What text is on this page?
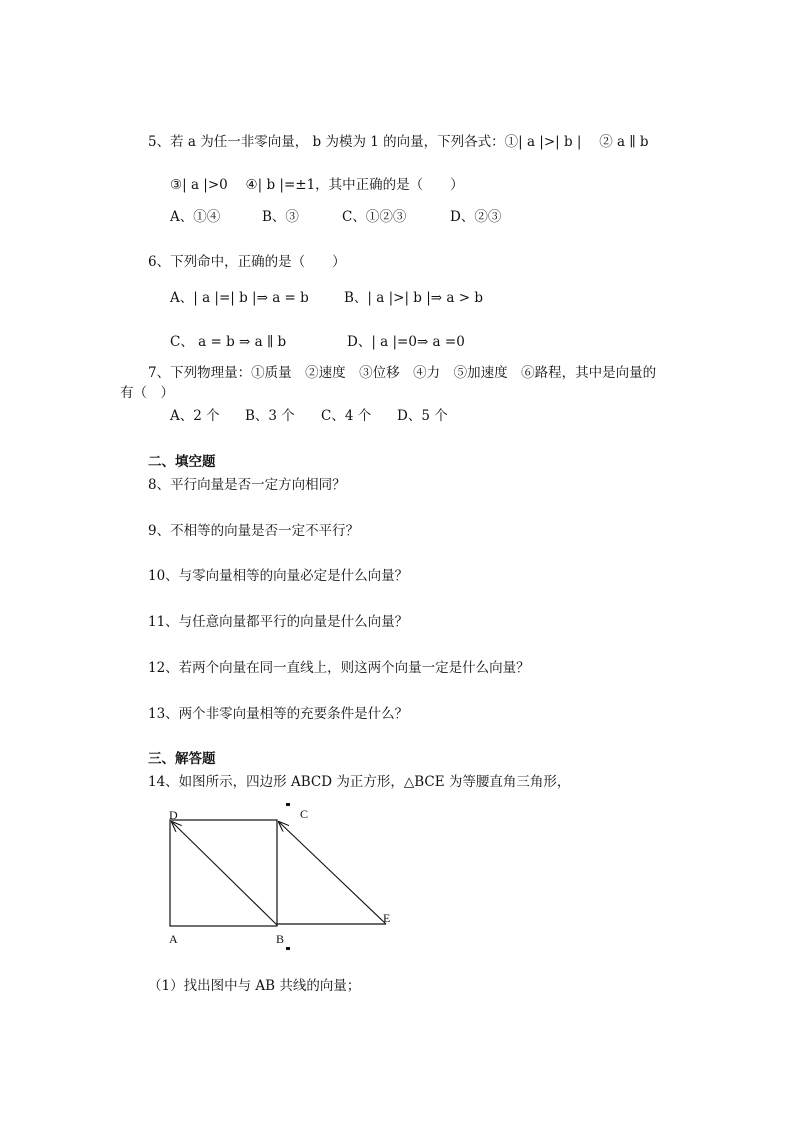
5、若 a 为任一非零向量， b 为模为 1 的向量，下列各式：①| a |>| b |　 ② a ∥ b
③| a |>0　 ④| b |=±1，其中正确的是（　　）
A、①④	B、③	C、①②③	D、②③
6、下列命中，正确的是（　　）
A、| a |=| b |⇒ a = b	B、| a |>| b |⇒ a > b
C、 a = b ⇒ a ∥ b	D、| a |=0⇒ a =0
7、下列物理量：①质量　②速度　③位移　④力　⑤加速度　⑥路程，其中是向量的
有（　）
A、2 个 B、3 个 C、4 个 D、5 个
二、填空题
8、平行向量是否一定方向相同？
9、不相等的向量是否一定不平行？
10、与零向量相等的向量必定是什么向量？
11、与任意向量都平行的向量是什么向量？
12、若两个向量在同一直线上，则这两个向量一定是什么向量？
13、两个非零向量相等的充要条件是什么？
三、解答题
14、如图所示，四边形 ABCD 为正方形，△BCE 为等腰直角三角形，
D	C
A	B
E
（1）找出图中与 AB 共线的向量；
